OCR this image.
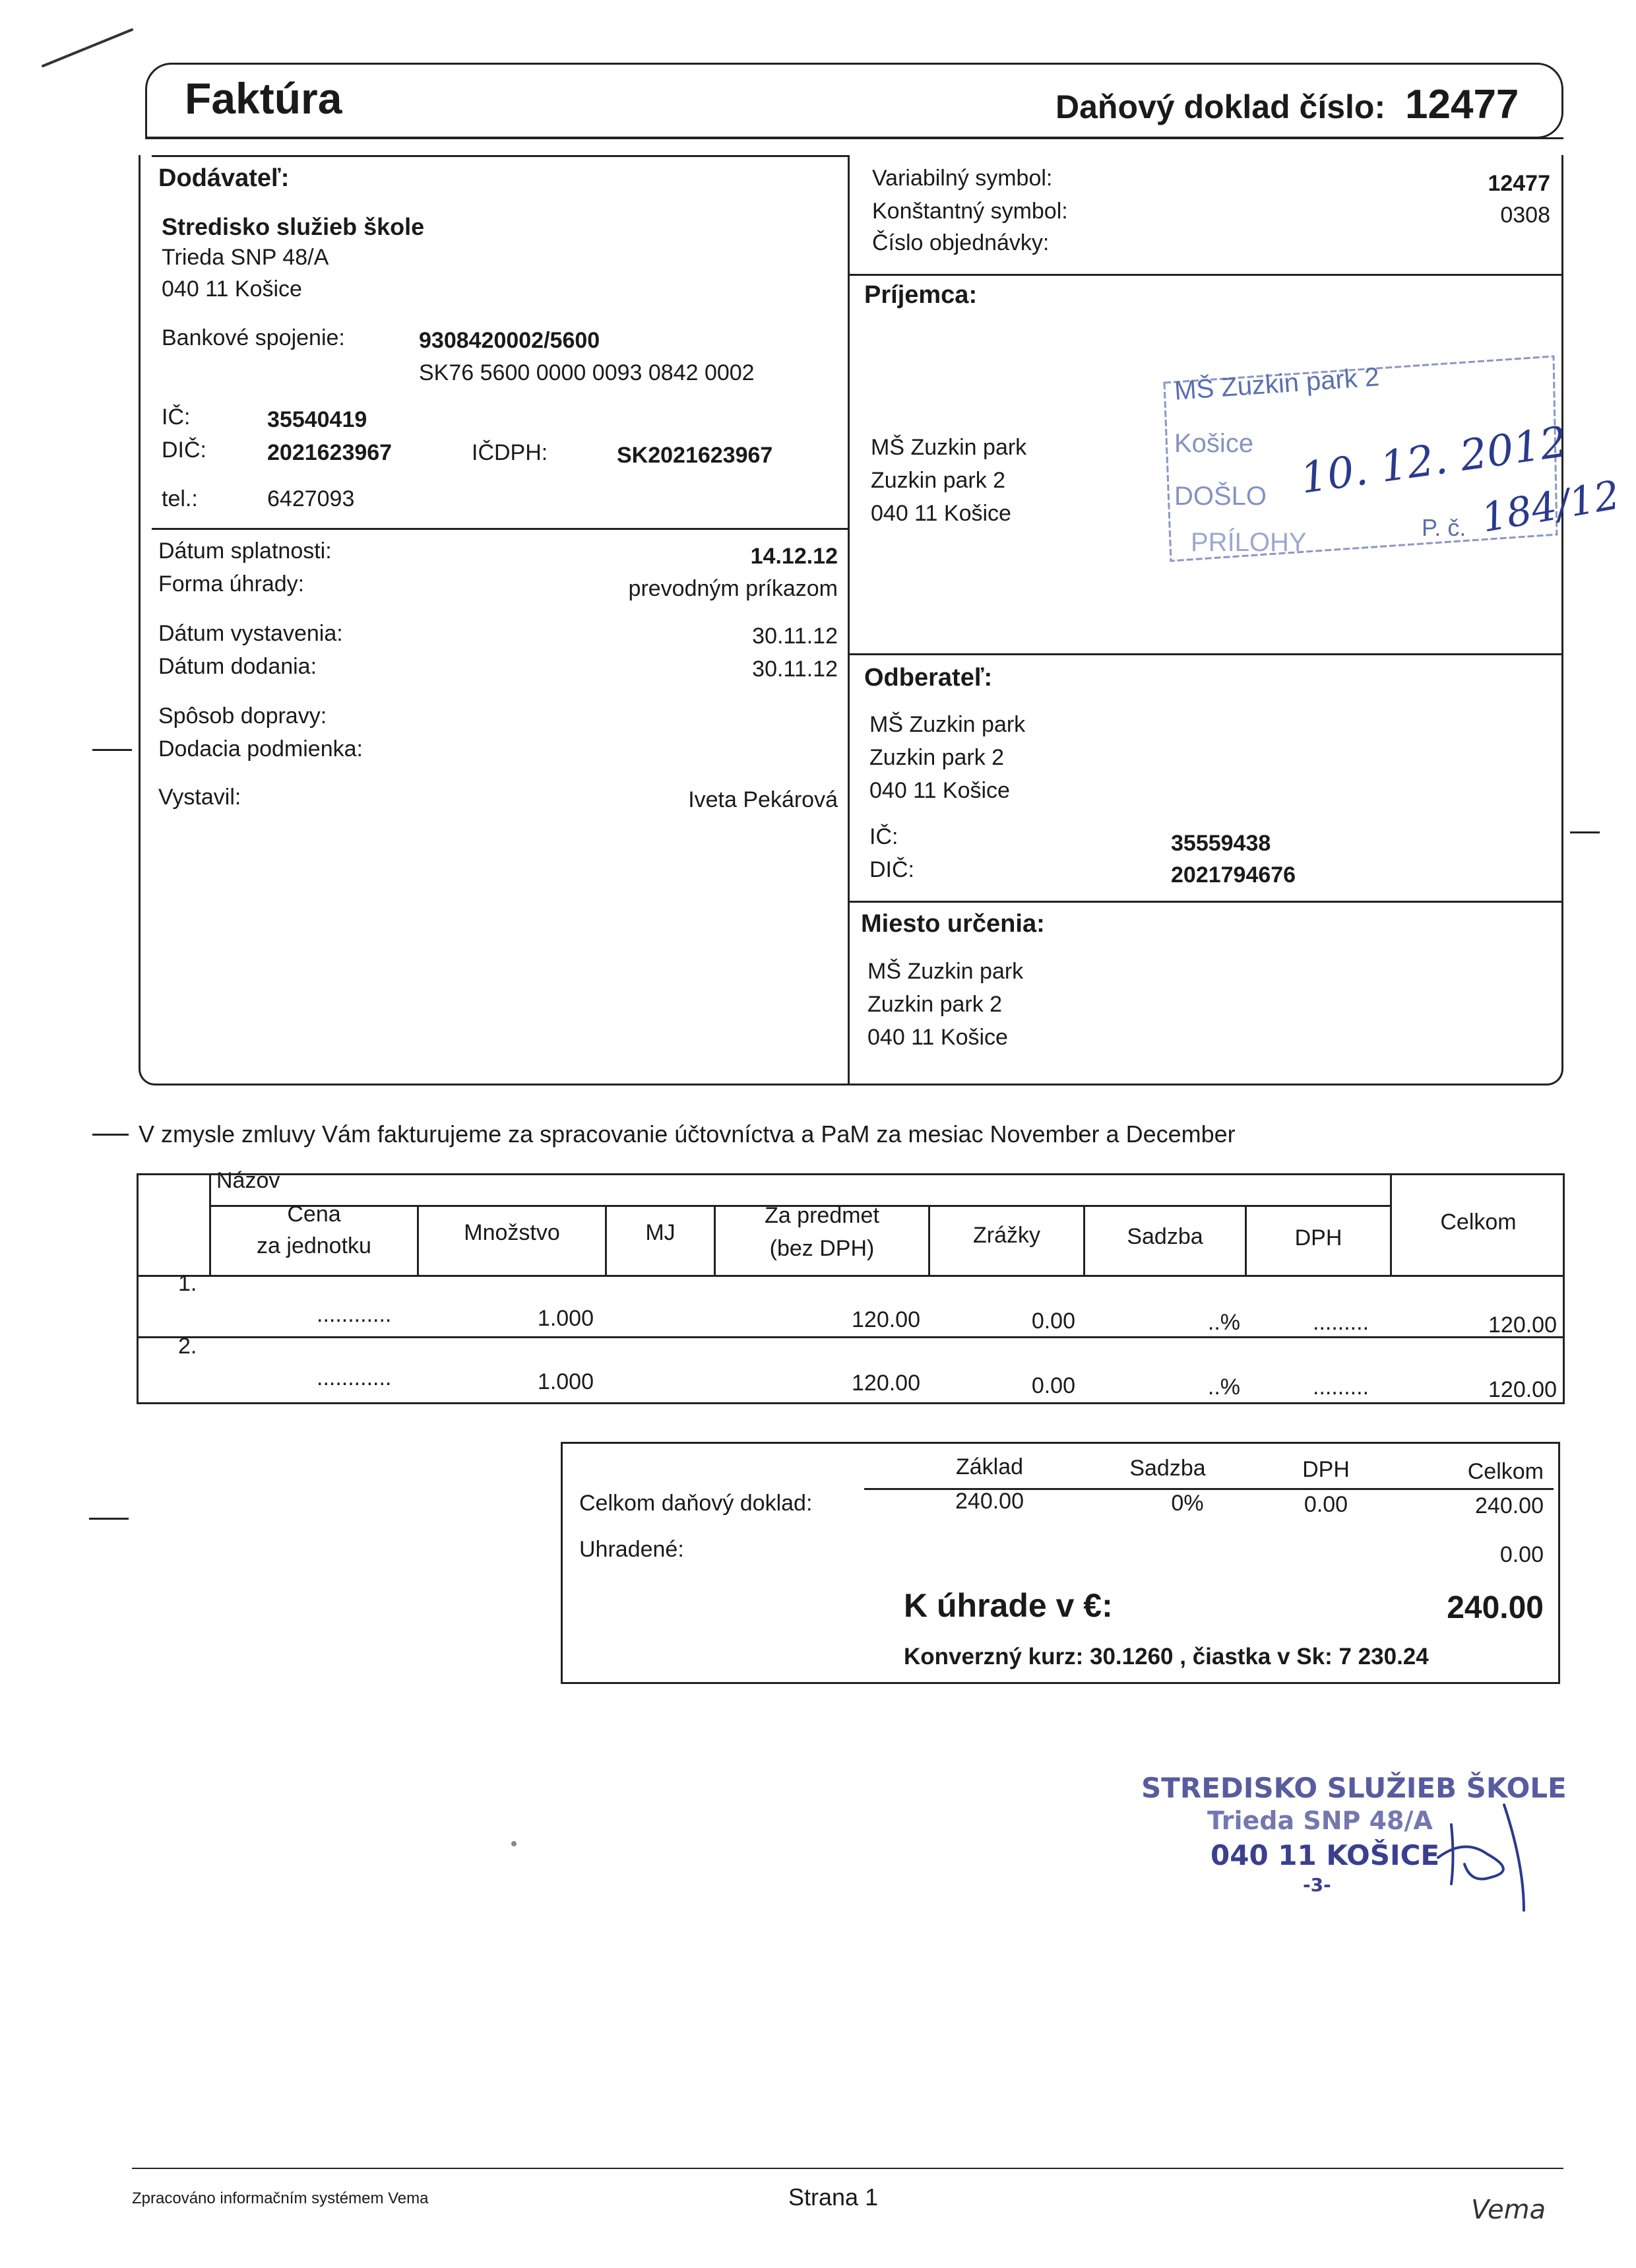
Faktúra	Daňový doklad číslo: 12477
Dodávateľ:
Stredisko služieb škole
Trieda SNP 48/A
040 11 Košice
Bankové spojenie:	9308420002/5600
SK76 5600 0000 0093 0842 0002
IČ:	35540419
DIČ:	2021623967	IČDPH:	SK2021623967
tel.:	6427093
Variabilný symbol:	12477
Konštantný symbol:	0308
Číslo objednávky:
Príjemca:
MŠ Zuzkin park
Zuzkin park 2
040 11 Košice
MŠ Zuzkin park 2
Košice
DOŠLO
PRÍLOHY
10. 12. 2012
P. č. 184/12
Dátum splatnosti:	14.12.12
Forma úhrady:	prevodným príkazom
Dátum vystavenia:	30.11.12
Dátum dodania:	30.11.12
Spôsob dopravy:
Dodacia podmienka:
Vystavil:	Iveta Pekárová
Odberateľ:
MŠ Zuzkin park
Zuzkin park 2
040 11 Košice
IČ:	35559438
DIČ:	2021794676
Miesto určenia:
MŠ Zuzkin park
Zuzkin park 2
040 11 Košice
V zmysle zmluvy Vám fakturujeme za spracovanie účtovníctva a PaM za mesiac November a December
Názov
Cena
za jednotku
Množstvo	MJ
Za predmet
(bez DPH)
Zrážky	Sadzba	DPH
Celkom
1.
............	1.000	120.00	0.00	..%	.........	120.00
2.
............	1.000	120.00	0.00	..%	.........	120.00
Základ	Sadzba	DPH	Celkom
Celkom daňový doklad:	240.00	0%	0.00	240.00
Uhradené:	0.00
K úhrade v €:	240.00
Konverzný kurz: 30.1260 , čiastka v Sk: 7 230.24
STREDISKO SLUŽIEB ŠKOLE
Trieda SNP 48/A
040 11 KOŠICE
-3-
Zpracováno informačním systémem Vema	Strana 1	Vema
